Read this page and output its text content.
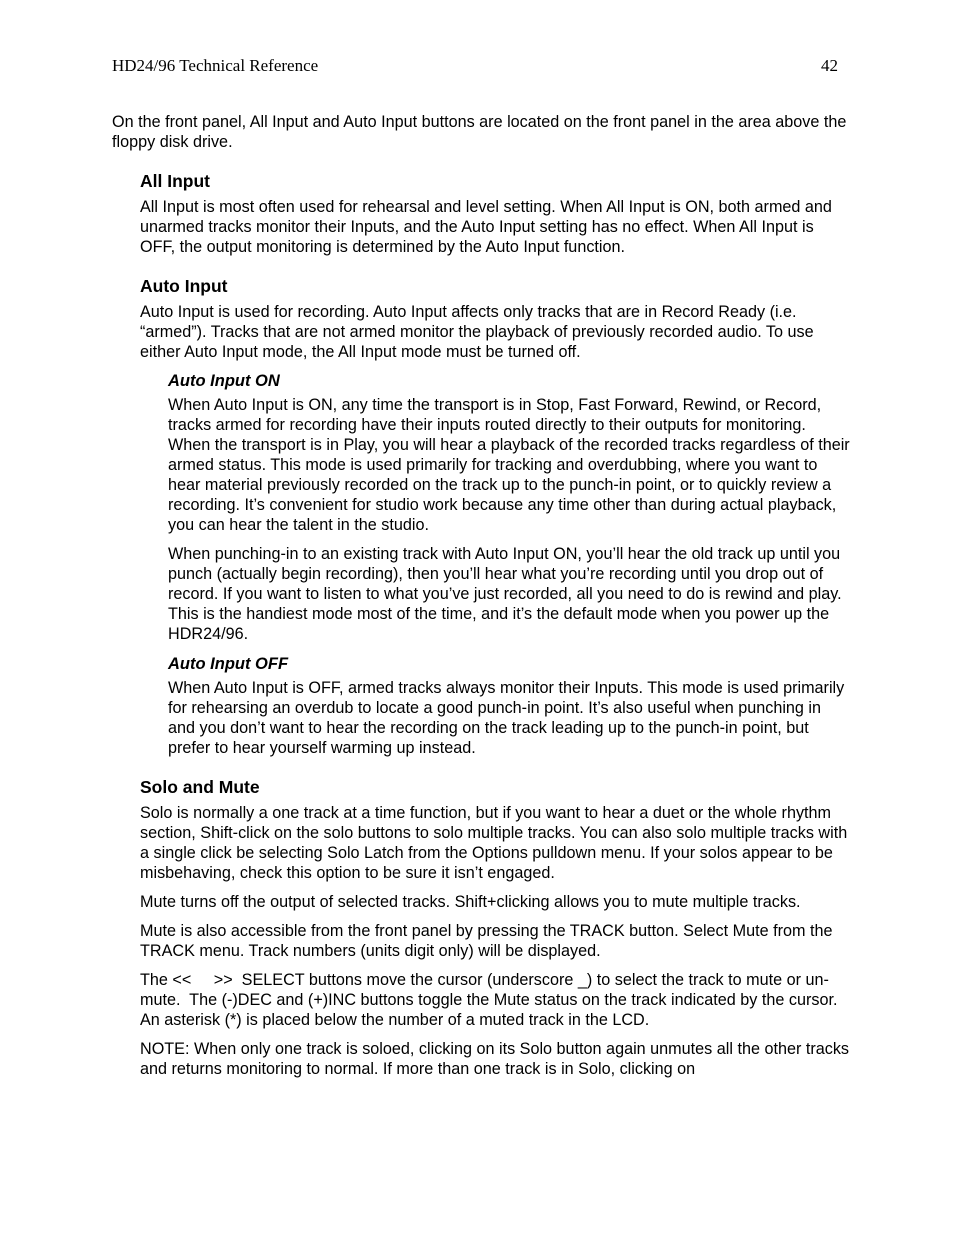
HD24/96 Technical Reference	42

On the front panel, All Input and Auto Input buttons are located on the front panel in the area above the floppy disk drive.

All Input

All Input is most often used for rehearsal and level setting. When All Input is ON, both armed and unarmed tracks monitor their Inputs, and the Auto Input setting has no effect. When All Input is OFF, the output monitoring is determined by the Auto Input function.

Auto Input

Auto Input is used for recording. Auto Input affects only tracks that are in Record Ready (i.e. “armed”). Tracks that are not armed monitor the playback of previously recorded audio. To use either Auto Input mode, the All Input mode must be turned off.

Auto Input ON

When Auto Input is ON, any time the transport is in Stop, Fast Forward, Rewind, or Record, tracks armed for recording have their inputs routed directly to their outputs for monitoring. When the transport is in Play, you will hear a playback of the recorded tracks regardless of their armed status. This mode is used primarily for tracking and overdubbing, where you want to hear material previously recorded on the track up to the punch-in point, or to quickly review a recording. It’s convenient for studio work because any time other than during actual playback, you can hear the talent in the studio.

When punching-in to an existing track with Auto Input ON, you’ll hear the old track up until you punch (actually begin recording), then you’ll hear what you’re recording until you drop out of record. If you want to listen to what you’ve just recorded, all you need to do is rewind and play. This is the handiest mode most of the time, and it’s the default mode when you power up the HDR24/96.

Auto Input OFF

When Auto Input is OFF, armed tracks always monitor their Inputs. This mode is used primarily for rehearsing an overdub to locate a good punch-in point. It’s also useful when punching in and you don’t want to hear the recording on the track leading up to the punch-in point, but prefer to hear yourself warming up instead.

Solo and Mute

Solo is normally a one track at a time function, but if you want to hear a duet or the whole rhythm section, Shift-click on the solo buttons to solo multiple tracks. You can also solo multiple tracks with a single click be selecting Solo Latch from the Options pulldown menu. If your solos appear to be misbehaving, check this option to be sure it isn’t engaged.

Mute turns off the output of selected tracks. Shift+clicking allows you to mute multiple tracks.

Mute is also accessible from the front panel by pressing the TRACK button. Select Mute from the TRACK menu. Track numbers (units digit only) will be displayed.

The <<     >>  SELECT buttons move the cursor (underscore _) to select the track to mute or un-mute.  The (-)DEC and (+)INC buttons toggle the Mute status on the track indicated by the cursor.  An asterisk (*) is placed below the number of a muted track in the LCD.

NOTE: When only one track is soloed, clicking on its Solo button again unmutes all the other tracks and returns monitoring to normal. If more than one track is in Solo, clicking on
